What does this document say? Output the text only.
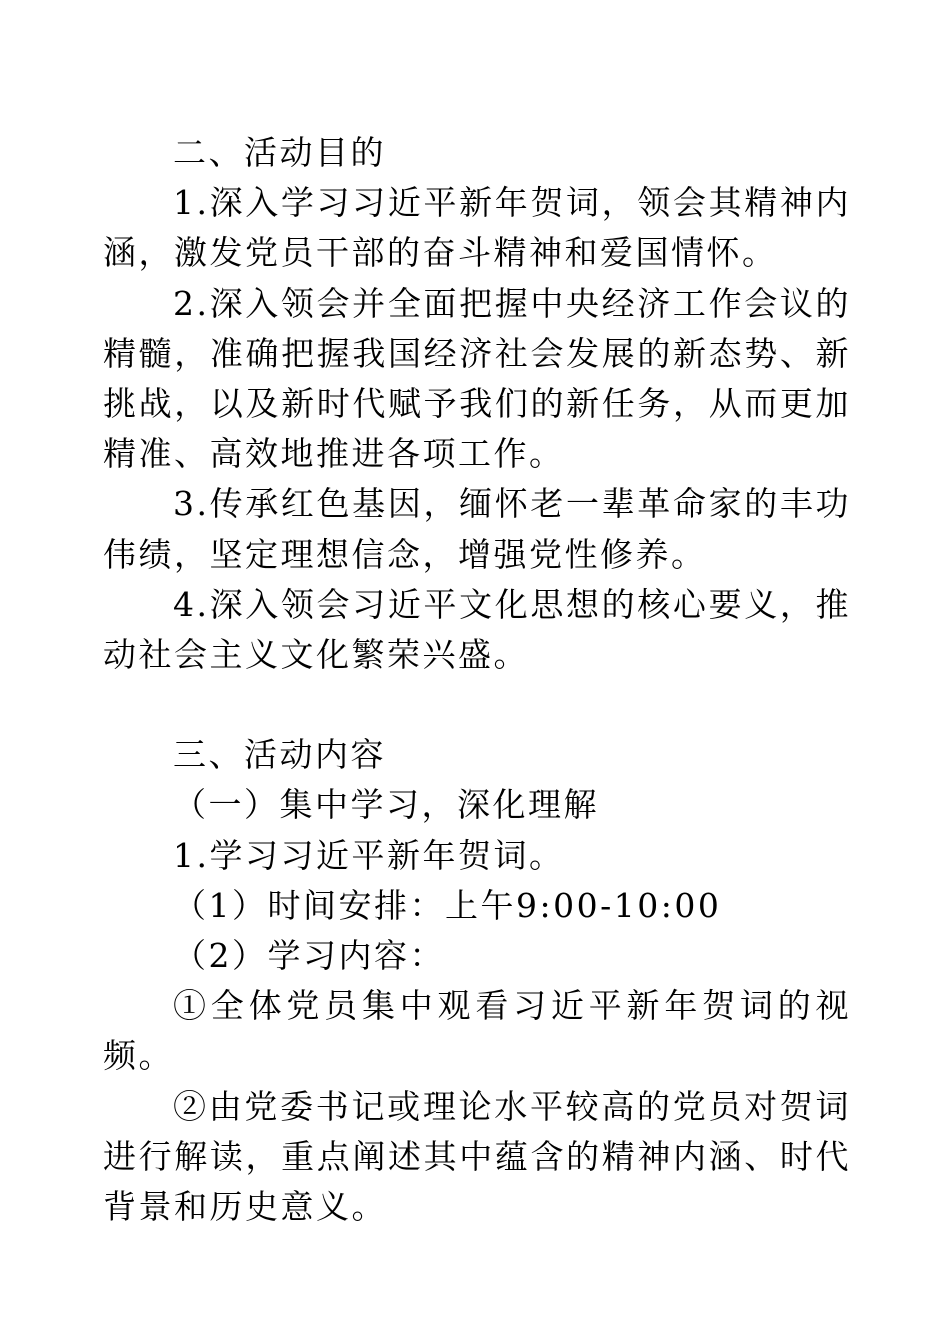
二、活动目的

1.深入学习习近平新年贺词，领会其精神内涵，激发党员干部的奋斗精神和爱国情怀。

2.深入领会并全面把握中央经济工作会议的精髓，准确把握我国经济社会发展的新态势、新挑战，以及新时代赋予我们的新任务，从而更加精准、高效地推进各项工作。

3.传承红色基因，缅怀老一辈革命家的丰功伟绩，坚定理想信念，增强党性修养。

4.深入领会习近平文化思想的核心要义，推动社会主义文化繁荣兴盛。

三、活动内容

（一）集中学习，深化理解

1.学习习近平新年贺词。

（1）时间安排：上午9:00-10:00

（2）学习内容：

①全体党员集中观看习近平新年贺词的视频。

②由党委书记或理论水平较高的党员对贺词进行解读，重点阐述其中蕴含的精神内涵、时代背景和历史意义。
